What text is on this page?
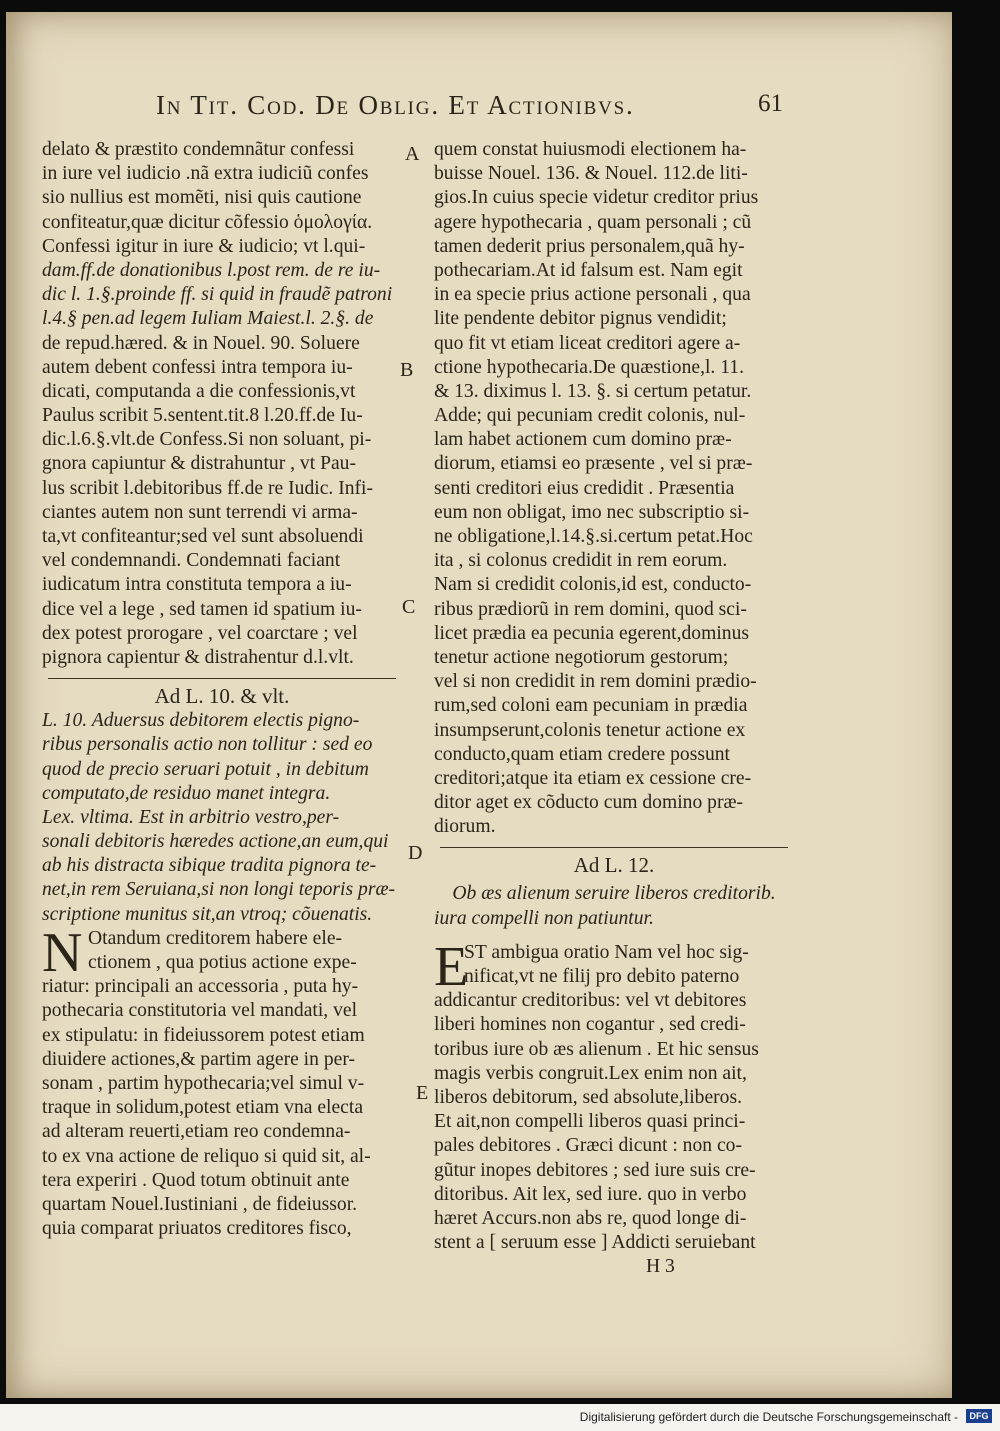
In Tit. Cod. De Oblig. Et Actionibvs.	61
A
B
C
D
E
delato & præstito condemnãtur confessi
in iure vel iudicio .nã extra iudiciũ confes
sio nullius est momẽti, nisi quis cautione
confiteatur,quæ dicitur cõfessio ὁμολογία.
Confessi igitur in iure & iudicio; vt l.qui-
dam.ff.de donationibus l.post rem. de re iu-
dic l. 1.§.proinde ff. si quid in fraudẽ patroni
l.4.§ pen.ad legem Iuliam Maiest.l. 2.§. de
de repud.hæred. & in Nouel. 90. Soluere
autem debent confessi intra tempora iu-
dicati, computanda a die confessionis,vt
Paulus scribit 5.sentent.tit.8 l.20.ff.de Iu-
dic.l.6.§.vlt.de Confess.Si non soluant, pi-
gnora capiuntur & distrahuntur , vt Pau-
lus scribit l.debitoribus ff.de re Iudic. Infi-
ciantes autem non sunt terrendi vi arma-
ta,vt confiteantur;sed vel sunt absoluendi
vel condemnandi. Condemnati faciant
iudicatum intra constituta tempora a iu-
dice vel a lege , sed tamen id spatium iu-
dex potest prorogare , vel coarctare ; vel
pignora capientur & distrahentur d.l.vlt.
Ad L. 10. & vlt.
L. 10. Aduersus debitorem electis pigno-
ribus personalis actio non tollitur : sed eo
quod de precio seruari potuit , in debitum
computato,de residuo manet integra.
Lex. vltima. Est in arbitrio vestro,per-
sonali debitoris hæredes actione,an eum,qui
ab his distracta sibique tradita pignora te-
net,in rem Seruiana,si non longi teporis præ-
scriptione munitus sit,an vtroq; cõuenatis.
N Otandum creditorem habere ele-
ctionem , qua potius actione expe-
riatur: principali an accessoria , puta hy-
pothecaria constitutoria vel mandati, vel
ex stipulatu: in fideiussorem potest etiam
diuidere actiones,& partim agere in per-
sonam , partim hypothecaria;vel simul v-
traque in solidum,potest etiam vna electa
ad alteram reuerti,etiam reo condemna-
to ex vna actione de reliquo si quid sit, al-
tera experiri . Quod totum obtinuit ante
quartam Nouel.Iustiniani , de fideiussor.
quia comparat priuatos creditores fisco,
quem constat huiusmodi electionem ha-
buisse Nouel. 136. & Nouel. 112.de liti-
gios.In cuius specie videtur creditor prius
agere hypothecaria , quam personali ; cũ
tamen dederit prius personalem,quã hy-
pothecariam.At id falsum est. Nam egit
in ea specie prius actione personali , qua
lite pendente debitor pignus vendidit;
quo fit vt etiam liceat creditori agere a-
ctione hypothecaria.De quæstione,l. 11.
& 13. diximus l. 13. §. si certum petatur.
Adde; qui pecuniam credit colonis, nul-
lam habet actionem cum domino præ-
diorum, etiamsi eo præsente , vel si præ-
senti creditori eius credidit . Præsentia
eum non obligat, imo nec subscriptio si-
ne obligatione,l.14.§.si.certum petat.Hoc
ita , si colonus credidit in rem eorum.
Nam si credidit colonis,id est, conducto-
ribus prædiorũ in rem domini, quod sci-
licet prædia ea pecunia egerent,dominus
tenetur actione negotiorum gestorum;
vel si non credidit in rem domini prædio-
rum,sed coloni eam pecuniam in prædia
insumpserunt,colonis tenetur actione ex
conducto,quam etiam credere possunt
creditori;atque ita etiam ex cessione cre-
ditor aget ex cõducto cum domino præ-
diorum.
Ad L. 12.
Ob æs alienum seruire liberos creditorib.
iura compelli non patiuntur.
E
ST ambigua oratio Nam vel hoc sig-
nificat,vt ne filij pro debito paterno
addicantur creditoribus: vel vt debitores
liberi homines non cogantur , sed credi-
toribus iure ob æs alienum . Et hic sensus
magis verbis congruit.Lex enim non ait,
liberos debitorum, sed absolute,liberos.
Et ait,non compelli liberos quasi princi-
pales debitores . Græci dicunt : non co-
gũtur inopes debitores ; sed iure suis cre-
ditoribus. Ait lex, sed iure. quo in verbo
hæret Accurs.non abs re, quod longe di-
stent a [ seruum esse ] Addicti seruiebant
H 3
Digitalisierung gefördert durch die Deutsche Forschungsgemeinschaft -	DFG
